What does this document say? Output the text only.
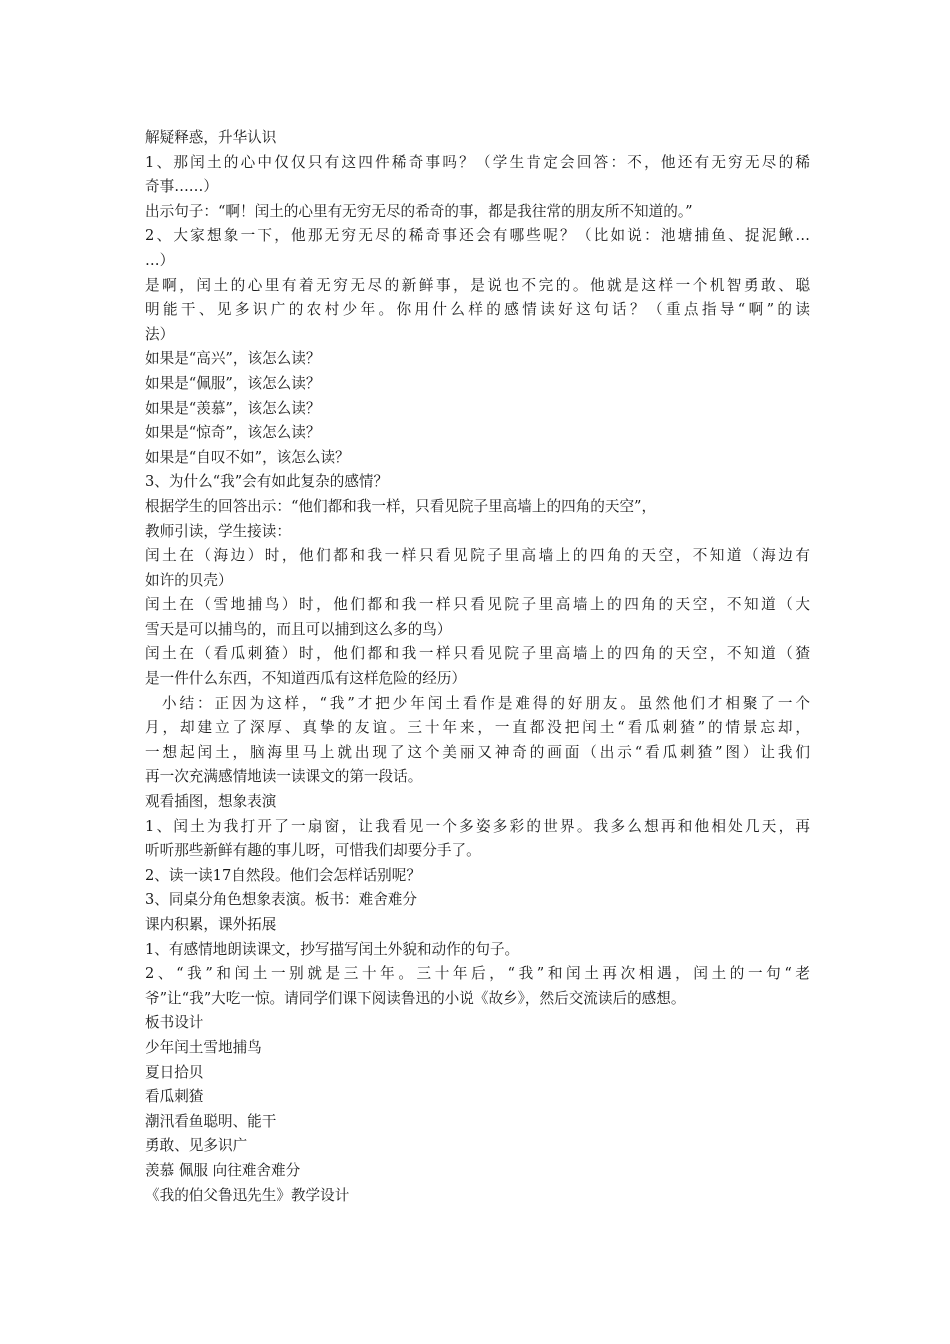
解疑释惑，升华认识
1、那闰土的心中仅仅只有这四件稀奇事吗？（学生肯定会回答：不，他还有无穷无尽的稀
奇事……）
出示句子：“啊！闰土的心里有无穷无尽的希奇的事，都是我往常的朋友所不知道的。”
2、大家想象一下，他那无穷无尽的稀奇事还会有哪些呢？（比如说：池塘捕鱼、捉泥鳅…
…）
是啊，闰土的心里有着无穷无尽的新鲜事，是说也不完的。他就是这样一个机智勇敢、聪
明能干、见多识广的农村少年。你用什么样的感情读好这句话？（重点指导“啊”的读
法）
如果是“高兴”，该怎么读？
如果是“佩服”，该怎么读？
如果是“羡慕”，该怎么读？
如果是“惊奇”，该怎么读？
如果是“自叹不如”，该怎么读？
3、为什么“我”会有如此复杂的感情？
根据学生的回答出示：“他们都和我一样，只看见院子里高墙上的四角的天空”，
教师引读，学生接读：
闰土在（海边）时，他们都和我一样只看见院子里高墙上的四角的天空，不知道（海边有
如许的贝壳）
闰土在（雪地捕鸟）时，他们都和我一样只看见院子里高墙上的四角的天空，不知道（大
雪天是可以捕鸟的，而且可以捕到这么多的鸟）
闰土在（看瓜刺猹）时，他们都和我一样只看见院子里高墙上的四角的天空，不知道（猹
是一件什么东西，不知道西瓜有这样危险的经历）
小结：正因为这样，“我”才把少年闰土看作是难得的好朋友。虽然他们才相聚了一个
月，却建立了深厚、真挚的友谊。三十年来，一直都没把闰土“看瓜刺猹”的情景忘却，
一想起闰土，脑海里马上就出现了这个美丽又神奇的画面（出示“看瓜刺猹”图）让我们
再一次充满感情地读一读课文的第一段话。
观看插图，想象表演
1、闰土为我打开了一扇窗，让我看见一个多姿多彩的世界。我多么想再和他相处几天，再
听听那些新鲜有趣的事儿呀，可惜我们却要分手了。
2、读一读17自然段。他们会怎样话别呢？
3、同桌分角色想象表演。板书：难舍难分
课内积累，课外拓展
1、有感情地朗读课文，抄写描写闰土外貌和动作的句子。
2、“我”和闰土一别就是三十年。三十年后，“我”和闰土再次相遇，闰土的一句“老
爷”让“我”大吃一惊。请同学们课下阅读鲁迅的小说《故乡》，然后交流读后的感想。
板书设计
少年闰土雪地捕鸟
夏日拾贝
看瓜刺猹
潮汛看鱼聪明、能干
勇敢、见多识广
羡慕 佩服 向往难舍难分
《我的伯父鲁迅先生》教学设计
